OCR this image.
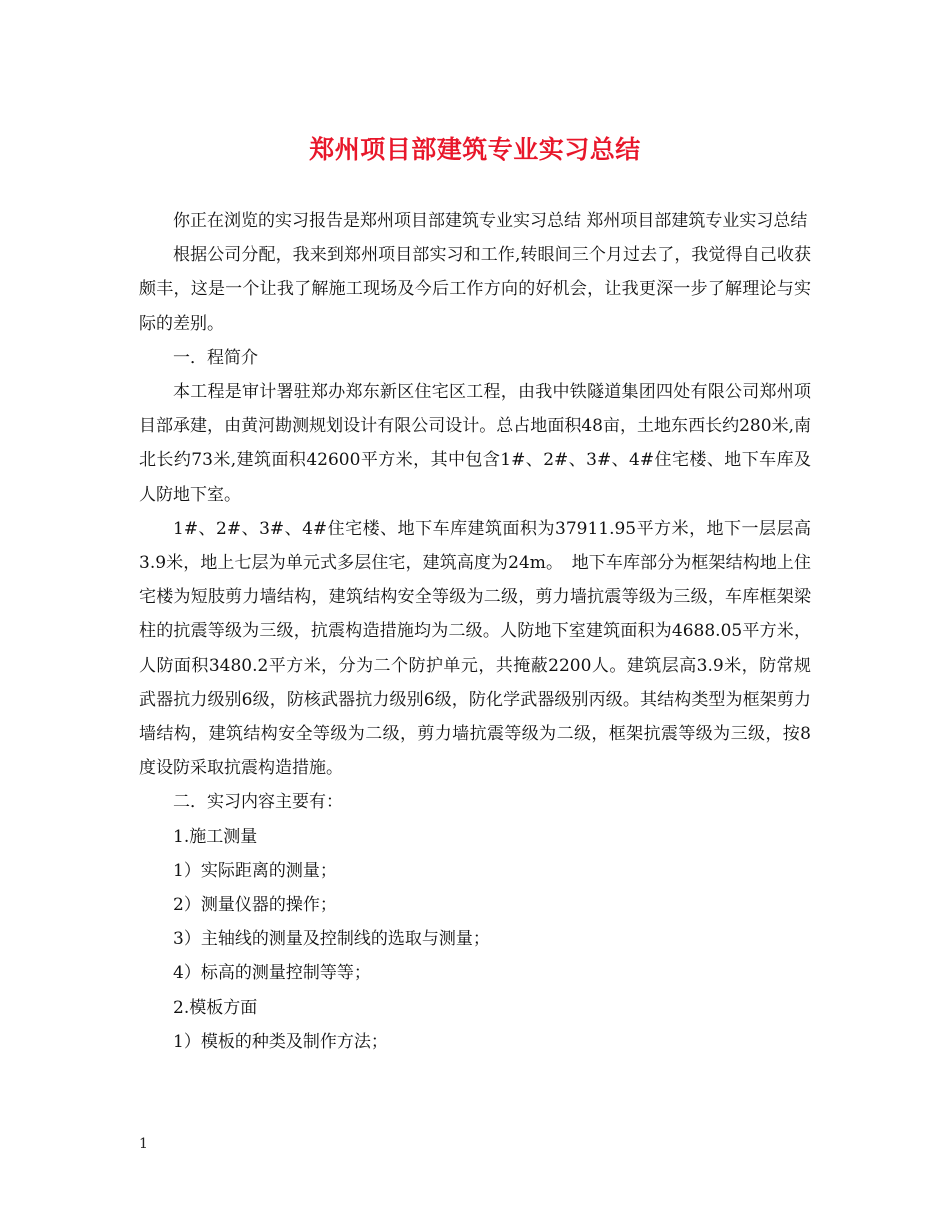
郑州项目部建筑专业实习总结

你正在浏览的实习报告是郑州项目部建筑专业实习总结 郑州项目部建筑专业实习总结

根据公司分配，我来到郑州项目部实习和工作,转眼间三个月过去了，我觉得自己收获颇丰，这是一个让我了解施工现场及今后工作方向的好机会，让我更深一步了解理论与实际的差别。

一．程简介

本工程是审计署驻郑办郑东新区住宅区工程，由我中铁隧道集团四处有限公司郑州项目部承建，由黄河勘测规划设计有限公司设计。总占地面积48亩，土地东西长约280米,南北长约73米,建筑面积42600平方米，其中包含1#、2#、3#、4#住宅楼、地下车库及人防地下室。

1#、2#、3#、4#住宅楼、地下车库建筑面积为37911.95平方米，地下一层层高3.9米，地上七层为单元式多层住宅，建筑高度为24m。　地下车库部分为框架结构地上住宅楼为短肢剪力墙结构，建筑结构安全等级为二级，剪力墙抗震等级为三级，车库框架梁柱的抗震等级为三级，抗震构造措施均为二级。人防地下室建筑面积为4688.05平方米，人防面积3480.2平方米，分为二个防护单元，共掩蔽2200人。建筑层高3.9米，防常规武器抗力级别6级，防核武器抗力级别6级，防化学武器级别丙级。其结构类型为框架剪力墙结构，建筑结构安全等级为二级，剪力墙抗震等级为二级，框架抗震等级为三级，按8度设防采取抗震构造措施。

二．实习内容主要有：

1.施工测量

1）实际距离的测量；

2）测量仪器的操作；

3）主轴线的测量及控制线的选取与测量；

4）标高的测量控制等等；

2.模板方面

1）模板的种类及制作方法；

1
